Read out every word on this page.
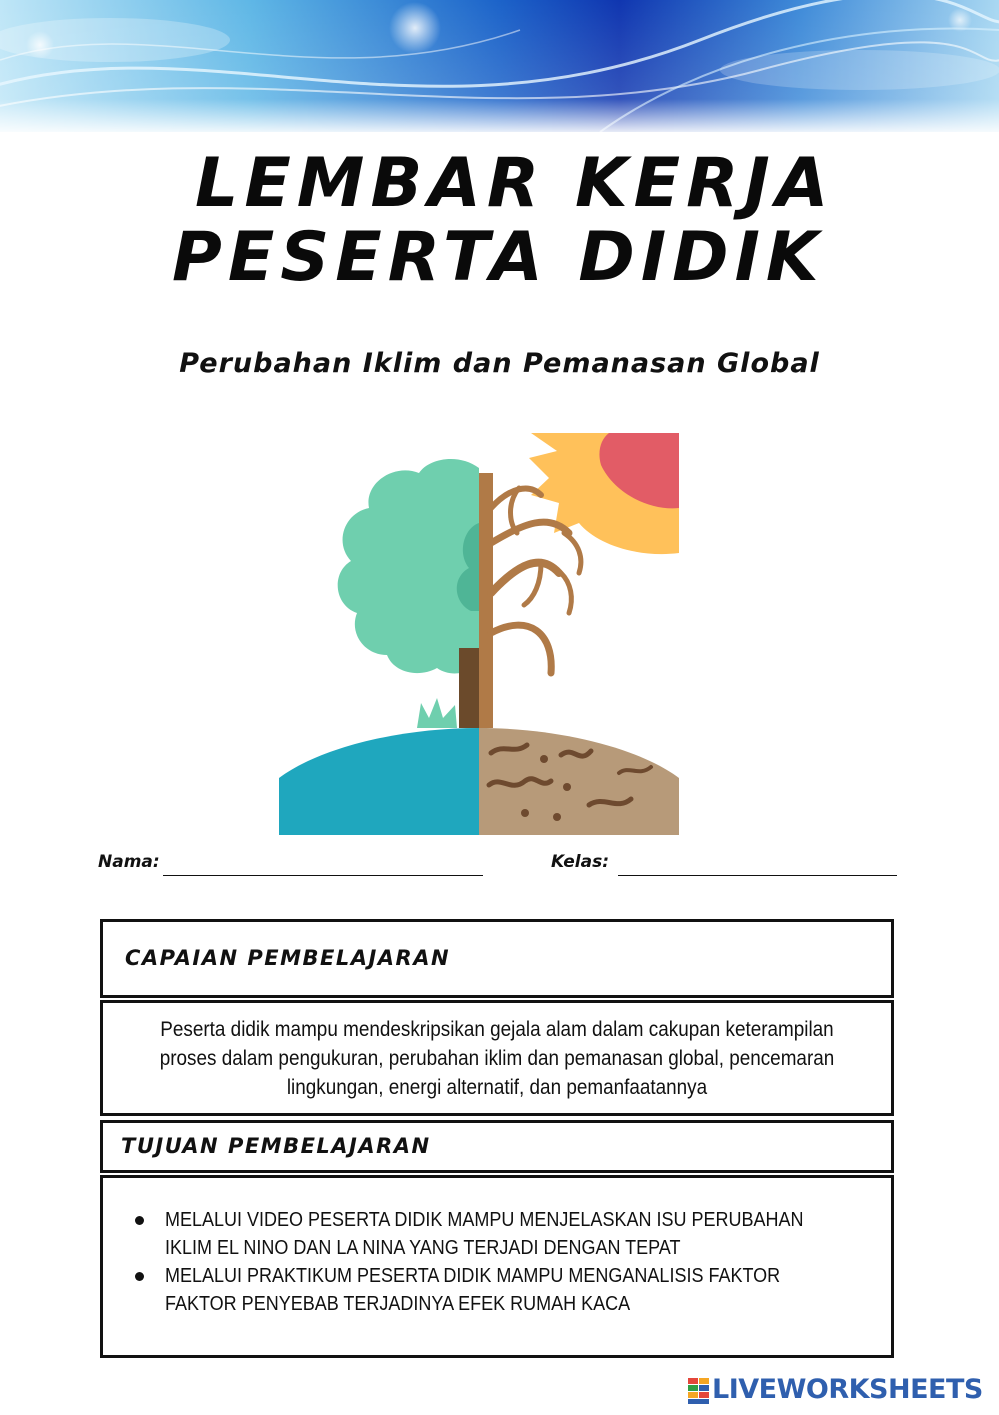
LEMBAR KERJA
PESERTA DIDIK
Perubahan Iklim dan Pemanasan Global
Nama:	Kelas:
CAPAIAN PEMBELAJARAN
Peserta didik mampu mendeskripsikan gejala alam dalam cakupan keterampilan proses dalam pengukuran, perubahan iklim dan pemanasan global, pencemaran lingkungan, energi alternatif, dan pemanfaatannya
TUJUAN PEMBELAJARAN
MELALUI VIDEO PESERTA DIDIK MAMPU MENJELASKAN ISU PERUBAHAN IKLIM EL NINO DAN LA NINA YANG TERJADI DENGAN TEPAT
MELALUI PRAKTIKUM PESERTA DIDIK MAMPU MENGANALISIS FAKTOR FAKTOR PENYEBAB TERJADINYA EFEK RUMAH KACA
LIVEWORKSHEETS
